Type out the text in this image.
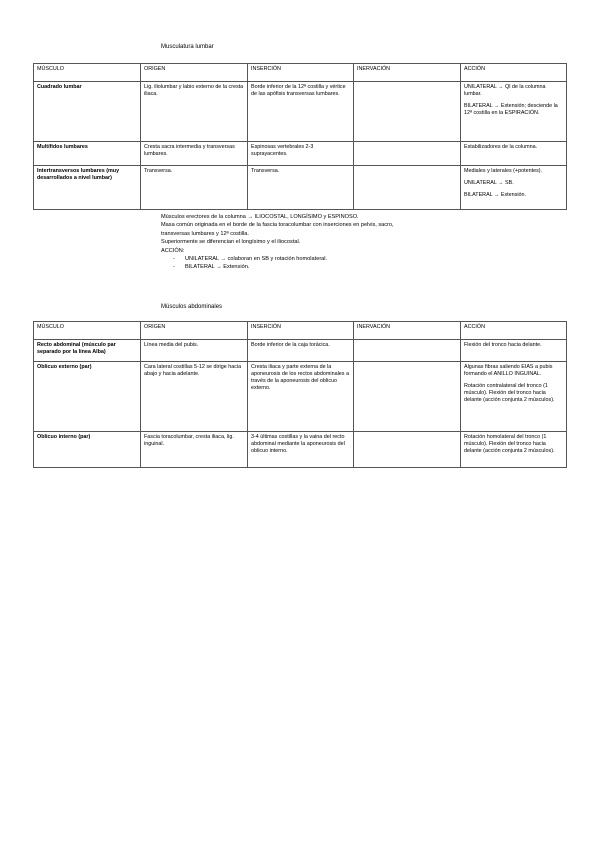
Musculatura lumbar
MÚSCULO	ORIGEN	INSERCIÓN	INERVACIÓN	ACCIÓN
Cuadrado lumbar	Lig. iliolumbar y labio externo de la cresta iliaca.	Borde inferior de la 12ª costilla y vértice de las apófisis transversas lumbares.		UNILATERAL → Ql de la columna lumbar.

BILATERAL → Extensión; desciende la 12ª costilla en la ESPIRACIÓN.

Multífidos lumbares	Cresta sacra intermedia y transversas lumbares.	Espinosas vertebrales 2-3 suprayacentes.		Estabilizadores de la columna.

Intertransversos lumbares (muy desarrollados a nivel lumbar)	Transversa.	Transversa.		Mediales y laterales (+potentes).

UNILATERAL → SB.

BILATERAL → Extensión.

Músculos erectores de la columna → ILIOCOSTAL, LONGÍSIMO y ESPINOSO.
Masa común originada en el borde de la fascia toracolumbar con inserciones en pelvis, sacro,
transversas lumbares y 12ª costilla.
Superiormente se diferencian el longísimo y el iliocostal.
ACCIÓN:
- UNILATERAL → colaboran en SB y rotación homolateral.
- BILATERAL → Extensión.
Músculos abdominales
MÚSCULO	ORIGEN	INSERCIÓN	INERVACIÓN	ACCIÓN
Recto abdominal (músculo par separado por la línea Alba)	Línea media del pubis.	Borde inferior de la caja torácica.		Flexión del tronco hacia delante.

Oblicuo externo (par)	Cara lateral costillas 5-12 se dirige hacia abajo y hacia adelante.	Cresta iliaca y parte externa de la aponeurosis de los rectos abdominales a través de la aponeurosis del oblicuo externo.		Algunas fibras saliendo EIAS a pubis formando el ANILLO INGUINAL.

Rotación contralateral del tronco (1 músculo). Flexión del tronco hacia delante (acción conjunta 2 músculos).

Oblicuo interno (par)	Fascia toracolumbar, cresta iliaca, lig. inguinal.	3-4 últimas costillas y la vaina del recto abdominal mediante la aponeurosis del oblicuo interno.		Rotación homolateral del tronco (1 músculo). Flexión del tronco hacia delante (acción conjunta 2 músculos).
